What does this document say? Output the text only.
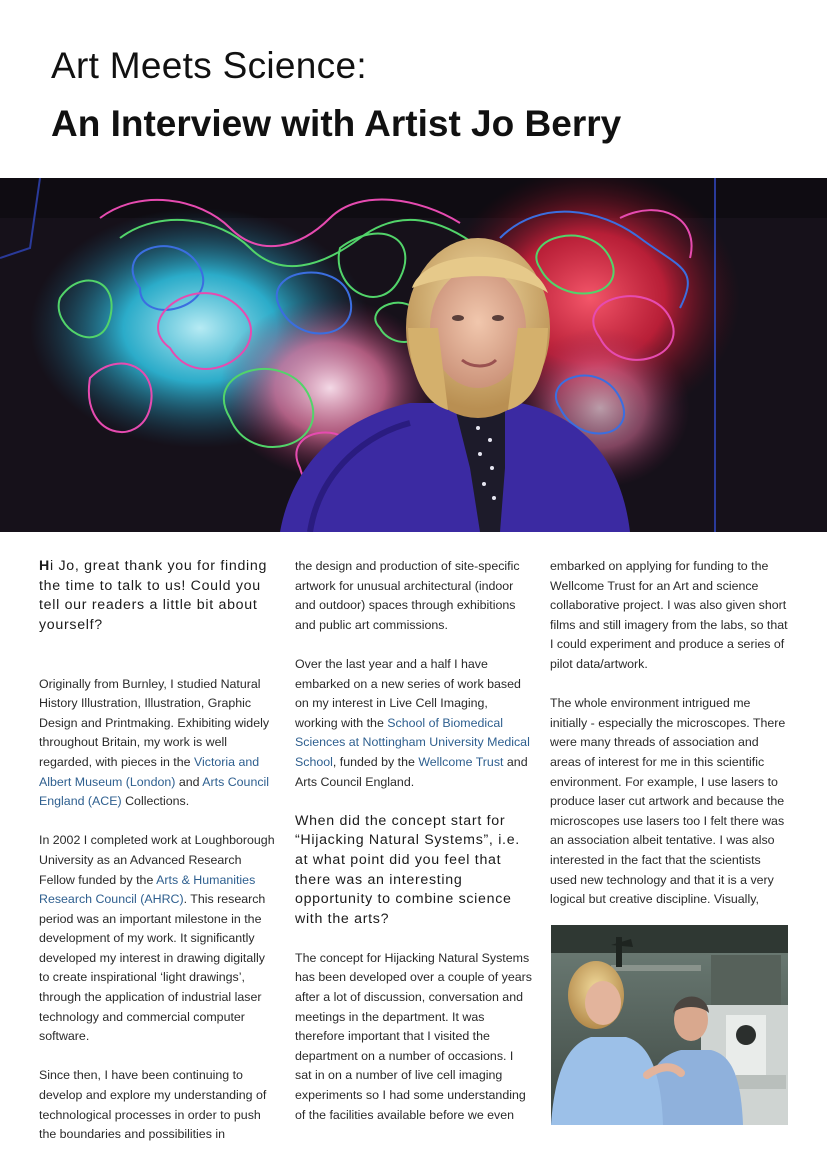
Art Meets Science:
An Interview with Artist Jo Berry

Hi Jo, great thank you for finding the time to talk to us! Could you tell our readers a little bit about yourself?

Originally from Burnley, I studied Natural History Illustration, Illustration, Graphic Design and Printmaking. Exhibiting widely throughout Britain, my work is well regarded, with pieces in the Victoria and Albert Museum (London) and Arts Council England (ACE) Collections.

In 2002 I completed work at Loughborough University as an Advanced Research Fellow funded by the Arts & Humanities Research Council (AHRC). This research period was an important milestone in the development of my work. It significantly developed my interest in drawing digitally to create inspirational ‘light drawings’, through the application of industrial laser technology and commercial computer software.

Since then, I have been continuing to develop and explore my understanding of technological processes in order to push the boundaries and possibilities in

the design and production of site-specific artwork for unusual architectural (indoor and outdoor) spaces through exhibitions and public art commissions.

Over the last year and a half I have embarked on a new series of work based on my interest in Live Cell Imaging, working with the School of Biomedical Sciences at Nottingham University Medical School, funded by the Wellcome Trust and Arts Council England.

When did the concept start for “Hijacking Natural Systems”, i.e. at what point did you feel that there was an interesting opportunity to combine science with the arts?

The concept for Hijacking Natural Systems has been developed over a couple of years after a lot of discussion, conversation and meetings in the department. It was therefore important that I visited the department on a number of occasions. I sat in on a number of live cell imaging experiments so I had some understanding of the facilities available before we even

embarked on applying for funding to the Wellcome Trust for an Art and science collaborative project. I was also given short films and still imagery from the labs, so that I could experiment and produce a series of pilot data/artwork.

The whole environment intrigued me initially - especially the microscopes. There were many threads of association and areas of interest for me in this scientific environment. For example, I use lasers to produce laser cut artwork and because the microscopes use lasers too I felt there was an association albeit tentative. I was also interested in the fact that the scientists used new technology and that it is a very logical but creative discipline. Visually,
